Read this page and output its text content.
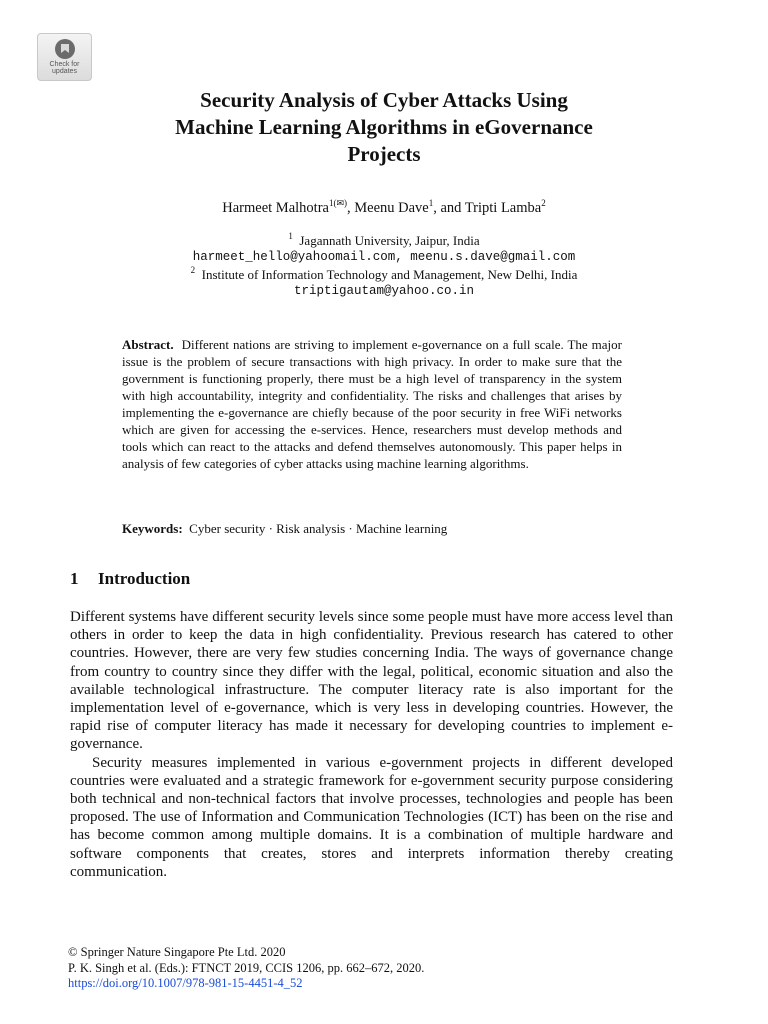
Check for
updates
Security Analysis of Cyber Attacks Using
Machine Learning Algorithms in eGovernance
Projects
Harmeet Malhotra$^{1(✉)}$, Meenu Dave$^1$, and Tripti Lamba$^2$
$^1$ Jagannath University, Jaipur, India
harmeet_hello@yahoomail.com, meenu.s.dave@gmail.com
$^2$ Institute of Information Technology and Management, New Delhi, India
triptigautam@yahoo.co.in
Abstract. Different nations are striving to implement e-governance on a full scale. The major issue is the problem of secure transactions with high privacy. In order to make sure that the government is functioning properly, there must be a high level of transparency in the system with high accountability, integrity and confidentiality. The risks and challenges that arises by implementing the e-governance are chiefly because of the poor security in free WiFi networks which are given for accessing the e-services. Hence, researchers must develop methods and tools which can react to the attacks and defend themselves autonomously. This paper helps in analysis of few categories of cyber attacks using machine learning algorithms.
Keywords: Cyber security · Risk analysis · Machine learning
1 Introduction

Different systems have different security levels since some people must have more access level than others in order to keep the data in high confidentiality. Previous research has catered to other countries. However, there are very few studies concerning India. The ways of governance change from country to country since they differ with the legal, political, economic situation and also the available technological infrastructure. The computer literacy rate is also important for the implementation level of e-governance, which is very less in developing countries. However, the rapid rise of computer literacy has made it necessary for developing countries to implement e-governance.

Security measures implemented in various e-government projects in different developed countries were evaluated and a strategic framework for e-government security purpose considering both technical and non-technical factors that involve processes, technologies and people has been proposed. The use of Information and Communication Technologies (ICT) has been on the rise and has become common among multiple domains. It is a combination of multiple hardware and software components that creates, stores and interprets information thereby creating communication.

© Springer Nature Singapore Pte Ltd. 2020
P. K. Singh et al. (Eds.): FTNCT 2019, CCIS 1206, pp. 662–672, 2020.
https://doi.org/10.1007/978-981-15-4451-4_52
